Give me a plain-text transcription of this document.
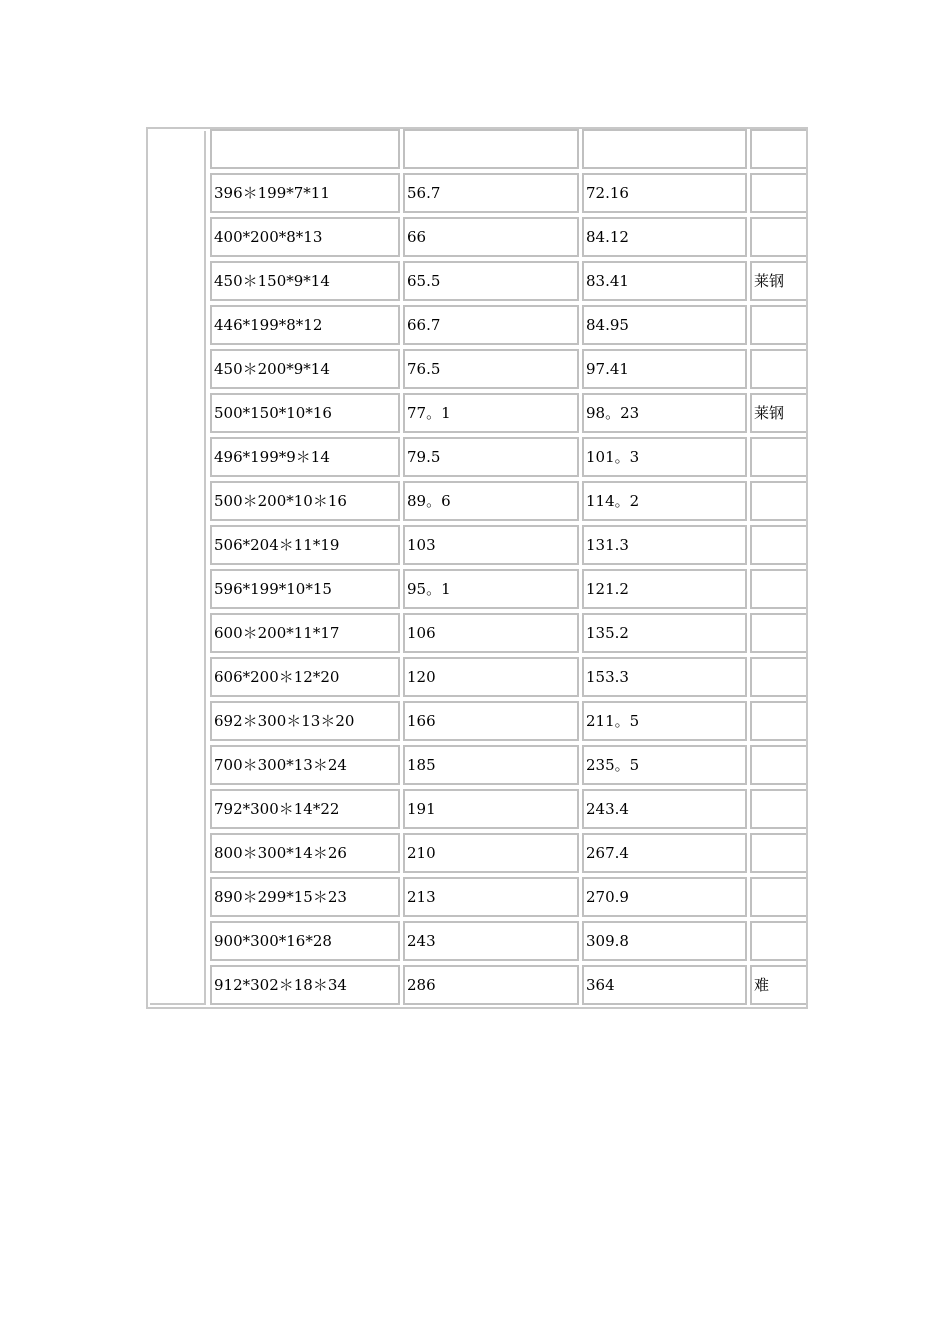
396＊199*7*11	56.7	72.16
400*200*8*13	66	84.12
450＊150*9*14	65.5	83.41	莱钢
446*199*8*12	66.7	84.95
450＊200*9*14	76.5	97.41
500*150*10*16	77。1	98。23	莱钢
496*199*9＊14	79.5	101。3
500＊200*10＊16	89。6	114。2
506*204＊11*19	103	131.3
596*199*10*15	95。1	121.2
600＊200*11*17	106	135.2
606*200＊12*20	120	153.3
692＊300＊13＊20	166	211。5
700＊300*13＊24	185	235。5
792*300＊14*22	191	243.4
800＊300*14＊26	210	267.4
890＊299*15＊23	213	270.9
900*300*16*28	243	309.8
912*302＊18＊34	286	364	难
